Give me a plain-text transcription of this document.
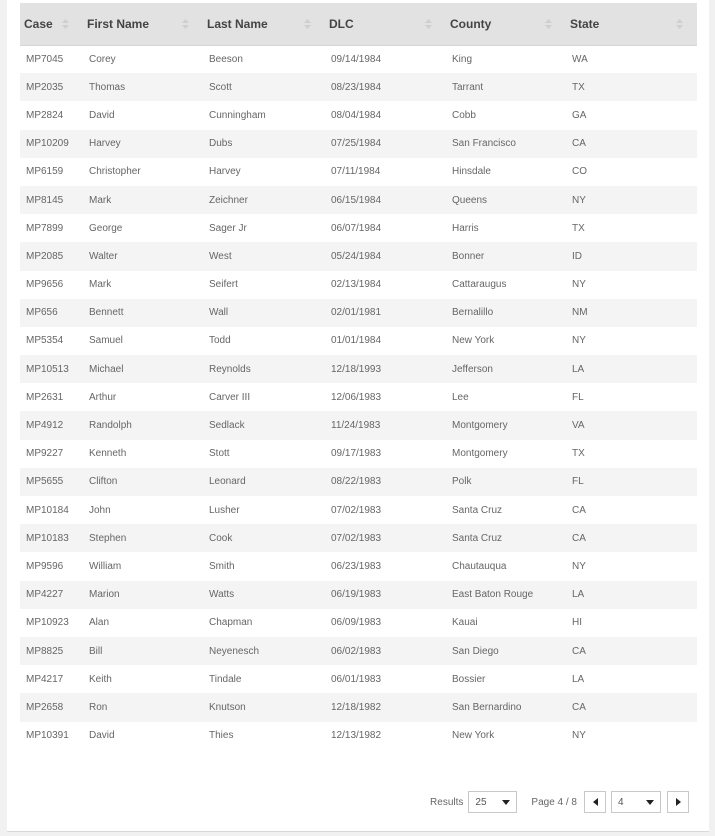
Case	First Name	Last Name	DLC	County	State

MP7045	Corey	Beeson	09/14/1984	King	WA
MP2035	Thomas	Scott	08/23/1984	Tarrant	TX
MP2824	David	Cunningham	08/04/1984	Cobb	GA
MP10209	Harvey	Dubs	07/25/1984	San Francisco	CA
MP6159	Christopher	Harvey	07/11/1984	Hinsdale	CO
MP8145	Mark	Zeichner	06/15/1984	Queens	NY
MP7899	George	Sager Jr	06/07/1984	Harris	TX
MP2085	Walter	West	05/24/1984	Bonner	ID
MP9656	Mark	Seifert	02/13/1984	Cattaraugus	NY
MP656	Bennett	Wall	02/01/1981	Bernalillo	NM
MP5354	Samuel	Todd	01/01/1984	New York	NY
MP10513	Michael	Reynolds	12/18/1993	Jefferson	LA
MP2631	Arthur	Carver III	12/06/1983	Lee	FL
MP4912	Randolph	Sedlack	11/24/1983	Montgomery	VA
MP9227	Kenneth	Stott	09/17/1983	Montgomery	TX
MP5655	Clifton	Leonard	08/22/1983	Polk	FL
MP10184	John	Lusher	07/02/1983	Santa Cruz	CA
MP10183	Stephen	Cook	07/02/1983	Santa Cruz	CA
MP9596	William	Smith	06/23/1983	Chautauqua	NY
MP4227	Marion	Watts	06/19/1983	East Baton Rouge	LA
MP10923	Alan	Chapman	06/09/1983	Kauai	HI
MP8825	Bill	Neyenesch	06/02/1983	San Diego	CA
MP4217	Keith	Tindale	06/01/1983	Bossier	LA
MP2658	Ron	Knutson	12/18/1982	San Bernardino	CA
MP10391	David	Thies	12/13/1982	New York	NY
Results 25	Page 4 / 8	4
